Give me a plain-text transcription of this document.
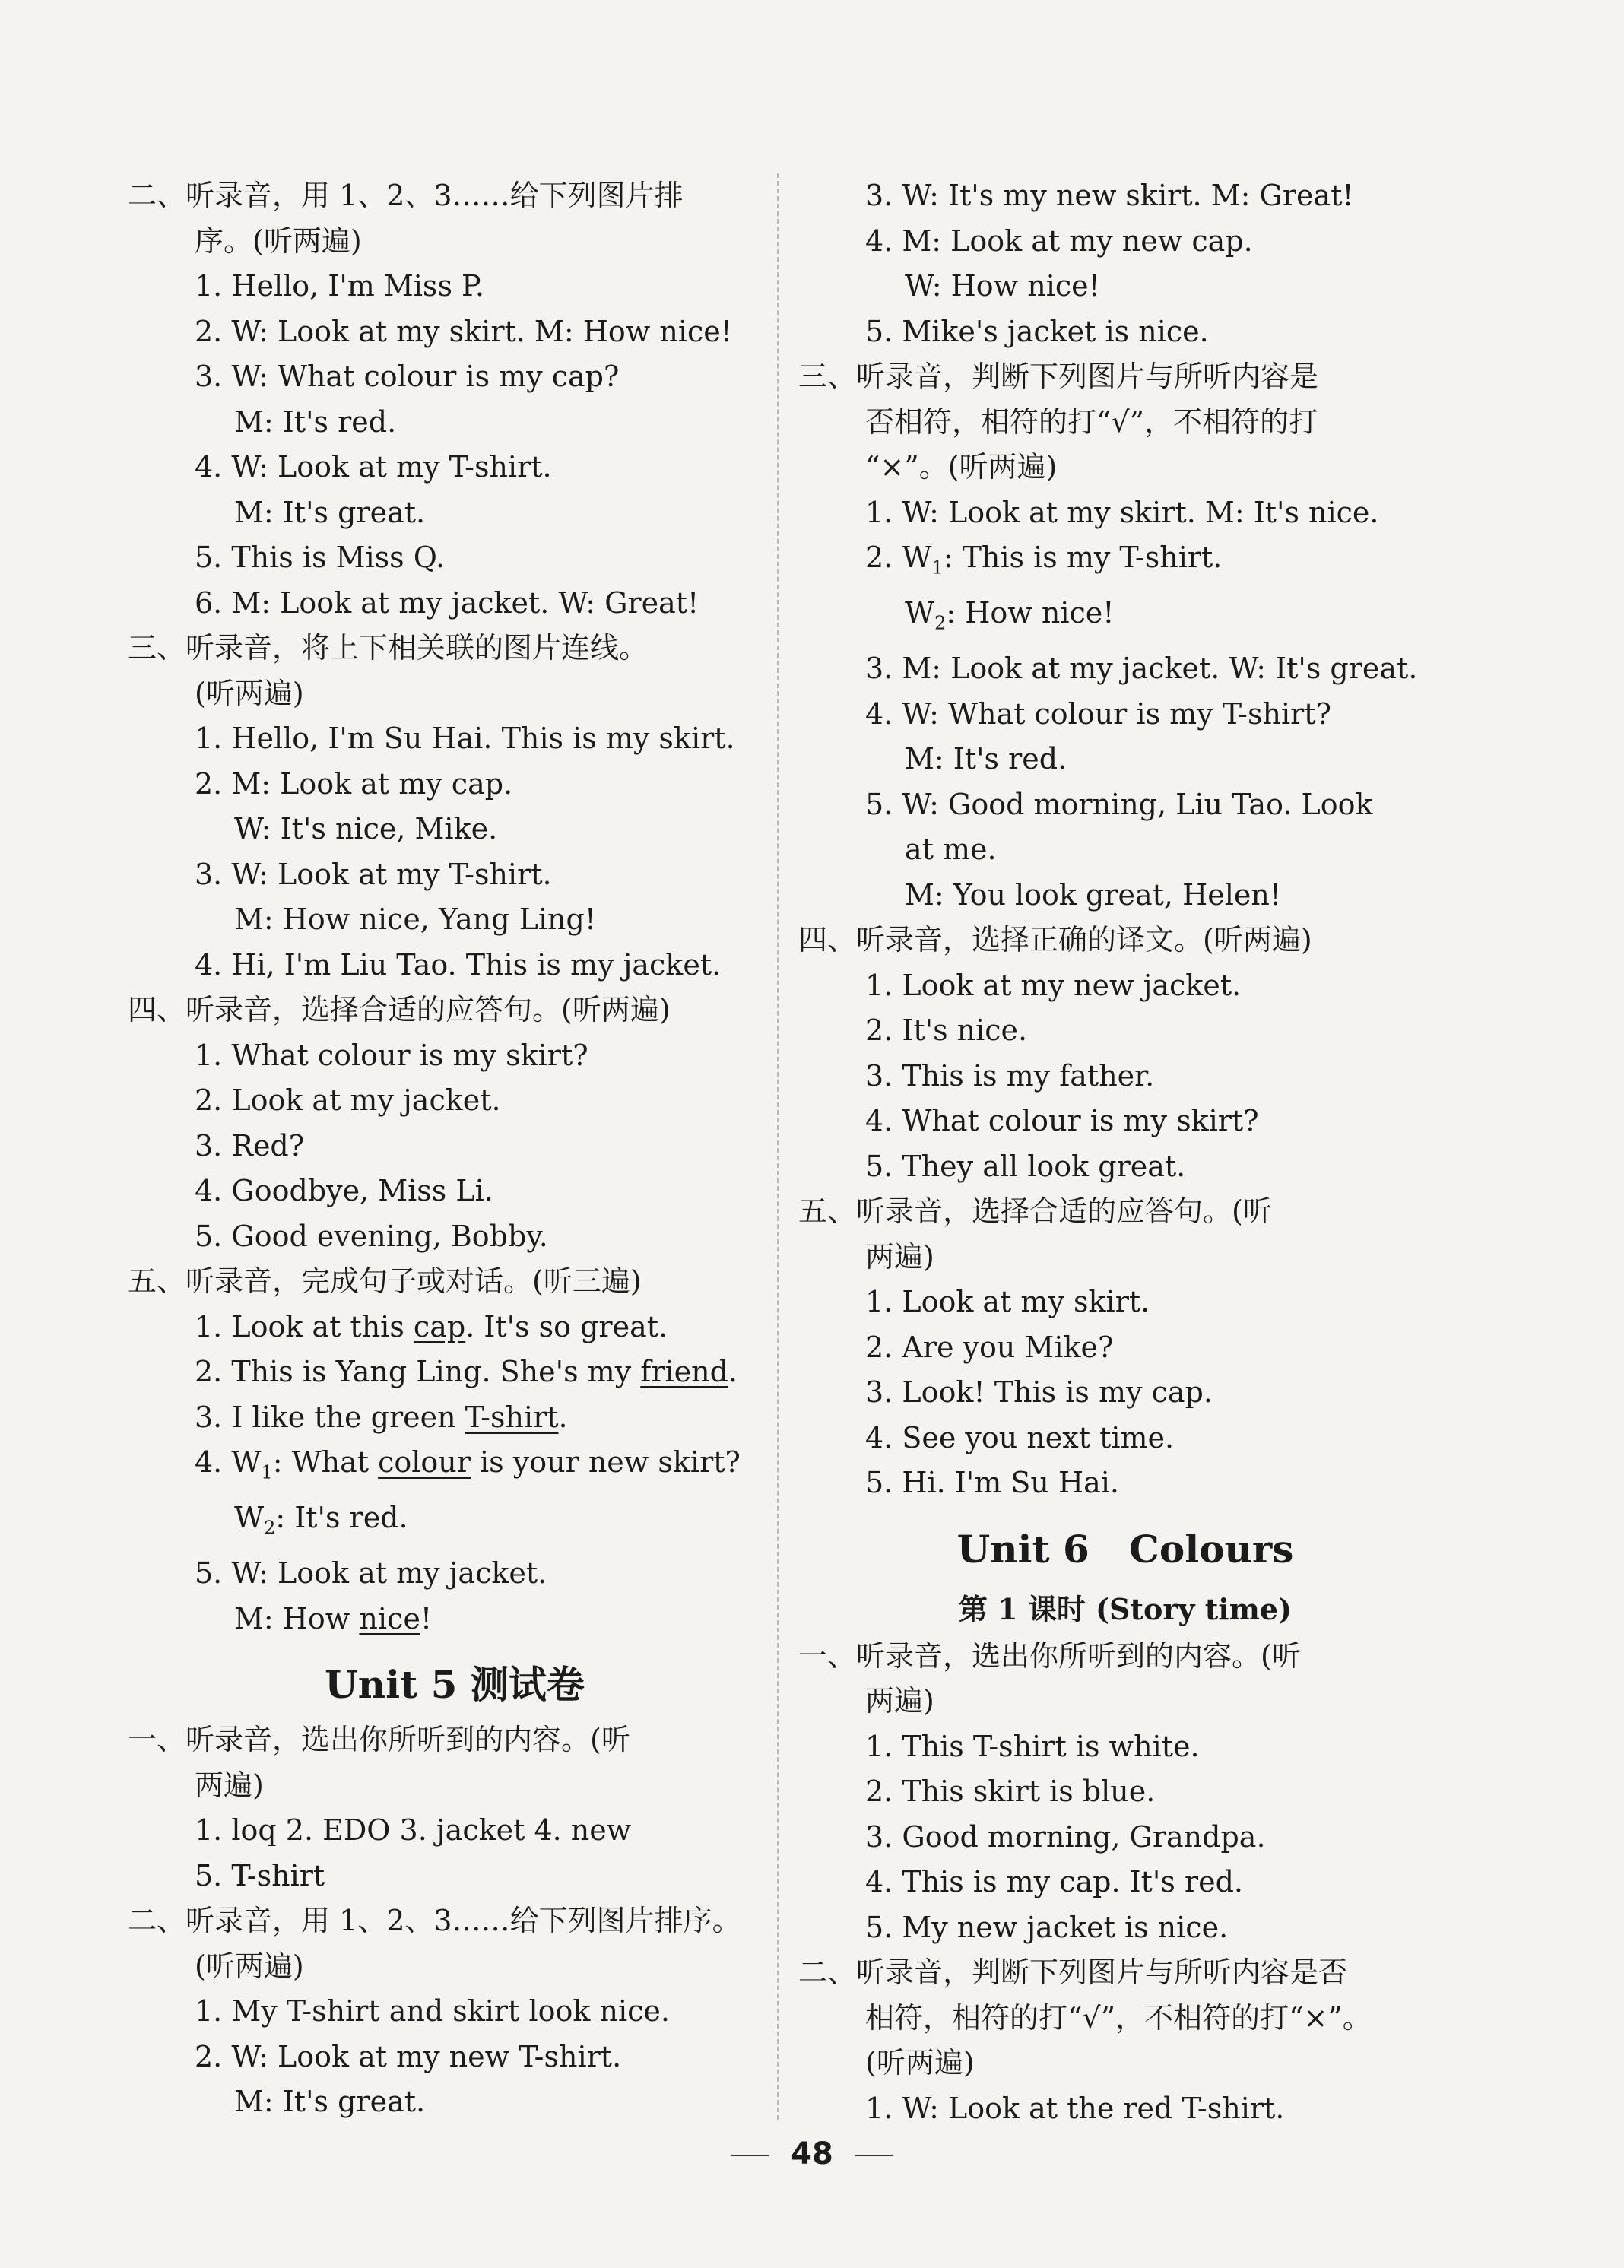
二、听录音，用 1、2、3……给下列图片排
序。(听两遍)
1. Hello, I'm Miss P.
2. W: Look at my skirt. M: How nice!
3. W: What colour is my cap?
M: It's red.
4. W: Look at my T-shirt.
M: It's great.
5. This is Miss Q.
6. M: Look at my jacket. W: Great!
三、听录音，将上下相关联的图片连线。
(听两遍)
1. Hello, I'm Su Hai. This is my skirt.
2. M: Look at my cap.
W: It's nice, Mike.
3. W: Look at my T-shirt.
M: How nice, Yang Ling!
4. Hi, I'm Liu Tao. This is my jacket.
四、听录音，选择合适的应答句。(听两遍)
1. What colour is my skirt?
2. Look at my jacket.
3. Red?
4. Goodbye, Miss Li.
5. Good evening, Bobby.
五、听录音，完成句子或对话。(听三遍)
1. Look at this cap. It's so great.
2. This is Yang Ling. She's my friend.
3. I like the green T-shirt.
4. $W_1$: What colour is your new skirt?
$W_2$: It's red.
5. W: Look at my jacket.
M: How nice!
Unit 5 测试卷
一、听录音，选出你所听到的内容。(听
两遍)
1. loq 2. EDO 3. jacket 4. new
5. T-shirt
二、听录音，用 1、2、3……给下列图片排序。
(听两遍)
1. My T-shirt and skirt look nice.
2. W: Look at my new T-shirt.
M: It's great.
3. W: It's my new skirt. M: Great!
4. M: Look at my new cap.
W: How nice!
5. Mike's jacket is nice.
三、听录音，判断下列图片与所听内容是
否相符，相符的打“√”，不相符的打
“×”。(听两遍)
1. W: Look at my skirt. M: It's nice.
2. $W_1$: This is my T-shirt.
$W_2$: How nice!
3. M: Look at my jacket. W: It's great.
4. W: What colour is my T-shirt?
M: It's red.
5. W: Good morning, Liu Tao. Look
at me.
M: You look great, Helen!
四、听录音，选择正确的译文。(听两遍)
1. Look at my new jacket.
2. It's nice.
3. This is my father.
4. What colour is my skirt?
5. They all look great.
五、听录音，选择合适的应答句。(听
两遍)
1. Look at my skirt.
2. Are you Mike?
3. Look! This is my cap.
4. See you next time.
5. Hi. I'm Su Hai.
Unit 6   Colours
第 1 课时 (Story time)
一、听录音，选出你所听到的内容。(听
两遍)
1. This T-shirt is white.
2. This skirt is blue.
3. Good morning, Grandpa.
4. This is my cap. It's red.
5. My new jacket is nice.
二、听录音，判断下列图片与所听内容是否
相符，相符的打“√”，不相符的打“×”。
(听两遍)
1. W: Look at the red T-shirt.
48
